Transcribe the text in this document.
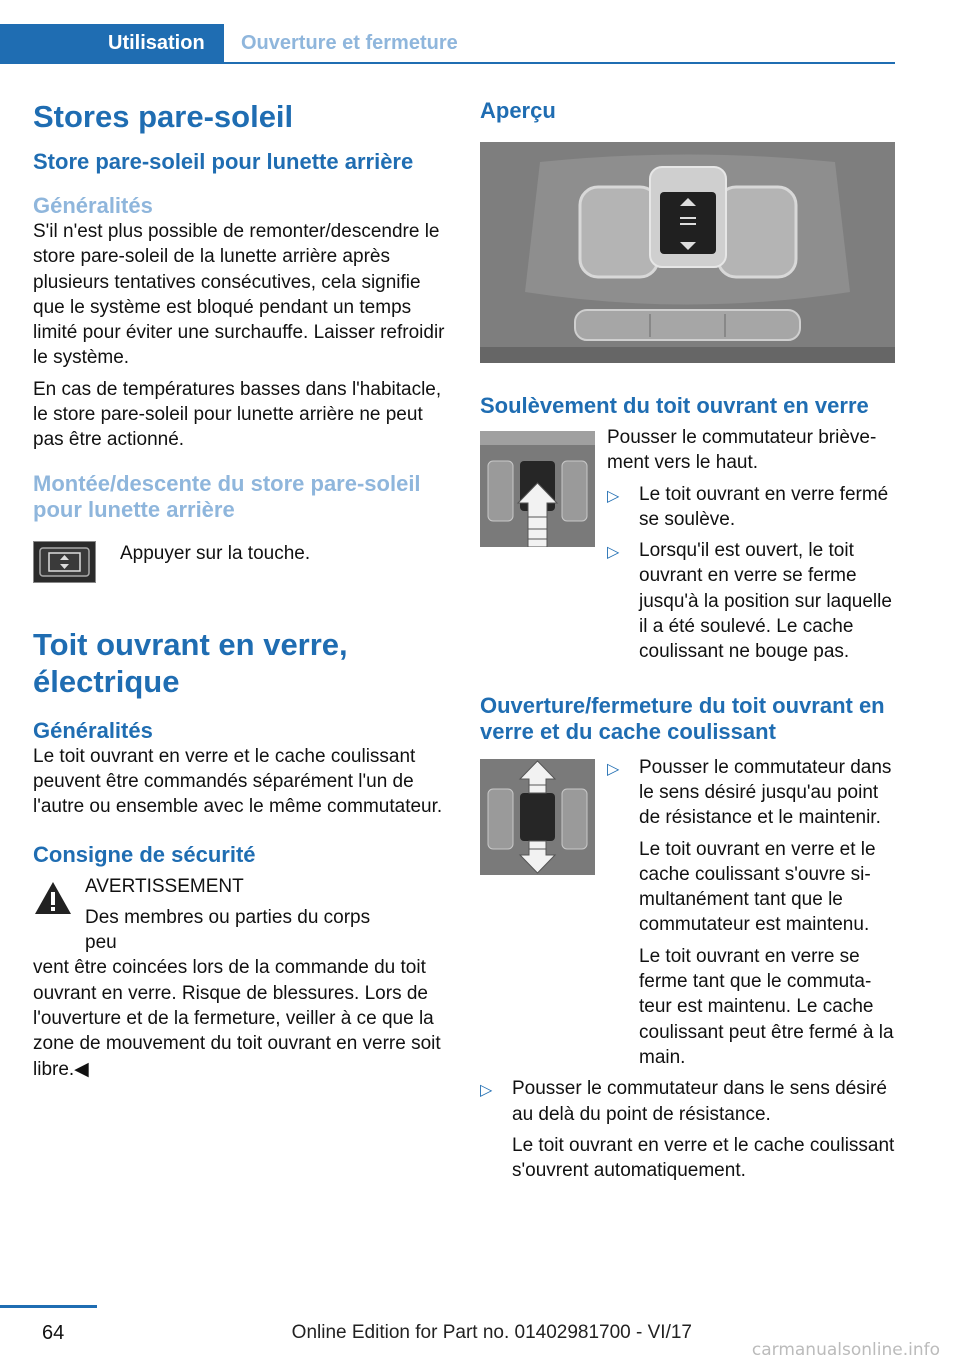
Utilisation	Ouverture et fermeture
Stores pare-soleil
Store pare-soleil pour lunette arrière
Généralités

S'il n'est plus possible de remonter/descendre le store pare-soleil de la lunette arrière après plusieurs tentatives consécutives, cela signifie que le système est bloqué pendant un temps limité pour éviter une surchauffe. Laisser refroidir le système.

En cas de températures basses dans l'habitacle, le store pare-soleil pour lunette arrière ne peut pas être actionné.

Montée/descente du store pare-soleil pour lunette arrière

Appuyer sur la touche.

Toit ouvrant en verre, électrique
Généralités

Le toit ouvrant en verre et le cache coulissant peuvent être commandés séparément l'un de l'autre ou ensemble avec le même commutateur.

Consigne de sécurité

AVERTISSEMENT

Des membres ou parties du corps peu

vent être coincées lors de la commande du toit ouvrant en verre. Risque de blessures. Lors de l'ouverture et de la fermeture, veiller à ce que la zone de mouvement du toit ouvrant en verre soit libre.◀

Aperçu
Soulèvement du toit ouvrant en verre

Pousser le commutateur brièvement vers le haut.

▷ Le toit ouvrant en verre fermé se soulève.
▷ Lorsqu'il est ouvert, le toit ouvrant en verre se ferme jusqu'à la position sur laquelle il a été soulevé. Le cache coulissant ne bouge pas.
Ouverture/fermeture du toit ouvrant en verre et du cache coulissant
▷ Pousser le commutateur dans le sens désiré jusqu'au point de résistance et le maintenir.

Le toit ouvrant en verre et le cache coulissant s'ouvre simultanément tant que le commutateur est maintenu.

Le toit ouvrant en verre se ferme tant que le commutateur est maintenu. Le cache coulissant peut être fermé à la main.

▷ Pousser le commutateur dans le sens désiré au delà du point de résistance.

Le toit ouvrant en verre et le cache coulissant s'ouvrent automatiquement.

64	Online Edition for Part no. 01402981700 - VI/17
carmanualsonline.info
